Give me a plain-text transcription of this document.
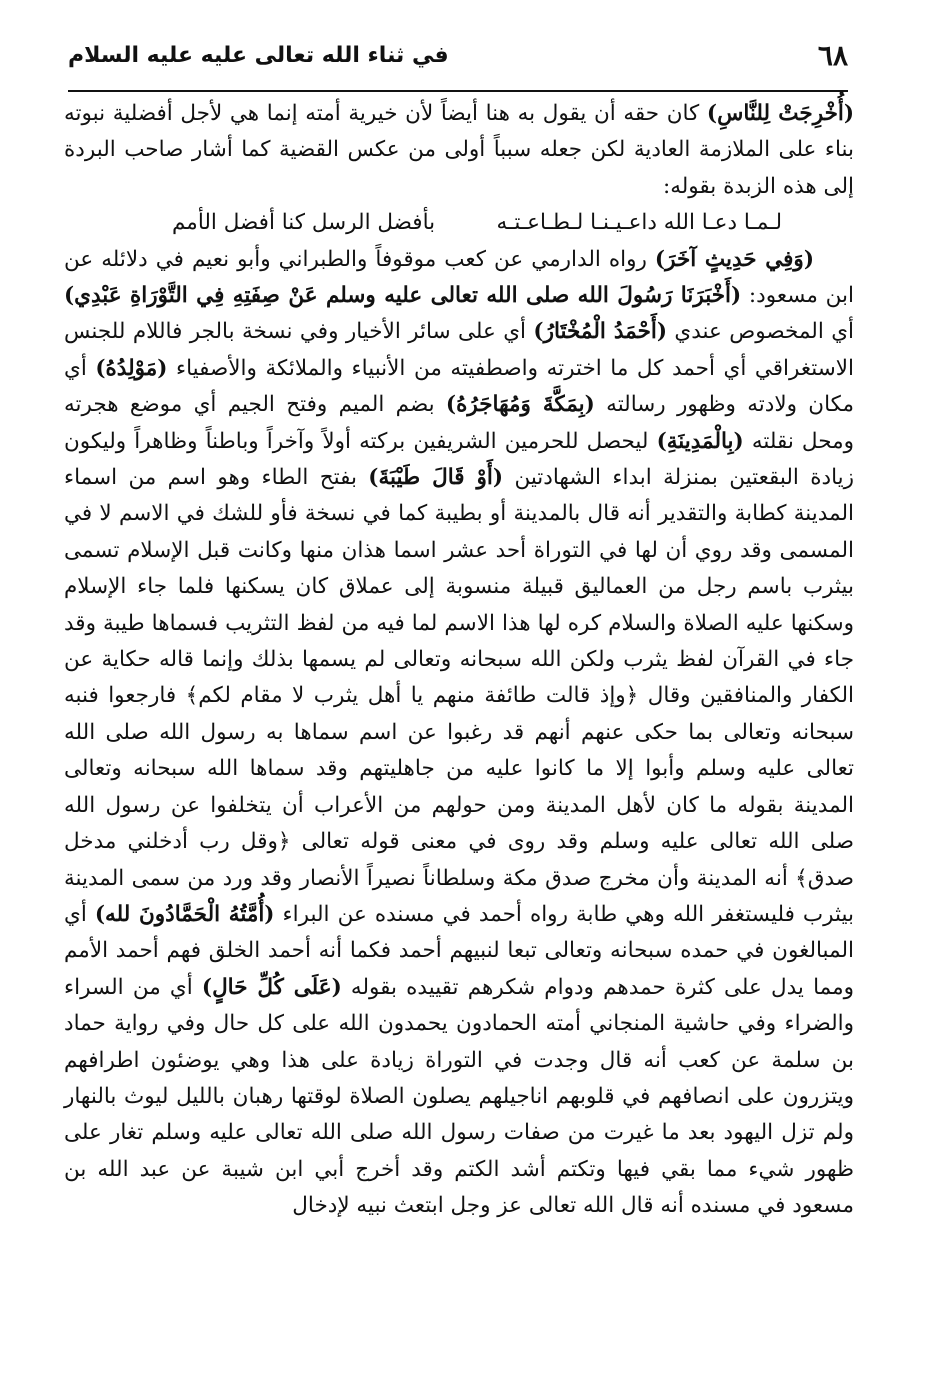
٦٨
في ثناء الله تعالى عليه عليه السلام

(أُخْرِجَتْ لِلنَّاسِ) كان حقه أن يقول به هنا أيضاً لأن خيرية أمته إنما هي لأجل أفضلية نبوته بناء على الملازمة العادية لكن جعله سبباً أولى من عكس القضية كما أشار صاحب البردة إلى هذه الزبدة بقوله:

لـمـا دعـا الله داعـيـنـا لـطـاعـتـه
بأفضل الرسل كنا أفضل الأمم

(وَفِي حَدِيثٍ آخَرَ) رواه الدارمي عن كعب موقوفاً والطبراني وأبو نعيم في دلائله عن ابن مسعود: (أَخْبَرَنَا رَسُولَ الله صلى الله تعالى عليه وسلم عَنْ صِفَتِهِ فِي التَّوْرَاةِ عَبْدِي) أي المخصوص عندي (أَحْمَدُ الْمُخْتَارُ) أي على سائر الأخيار وفي نسخة بالجر فاللام للجنس الاستغراقي أي أحمد كل ما اخترته واصطفيته من الأنبياء والملائكة والأصفياء (مَوْلِدُهُ) أي مكان ولادته وظهور رسالته (بِمَكَّةَ وَمُهَاجَرُهُ) بضم الميم وفتح الجيم أي موضع هجرته ومحل نقلته (بِالْمَدِينَةِ) ليحصل للحرمين الشريفين بركته أولاً وآخراً وباطناً وظاهراً وليكون زيادة البقعتين بمنزلة ابداء الشهادتين (أَوْ قَالَ طَيْبَةَ) بفتح الطاء وهو اسم من اسماء المدينة كطابة والتقدير أنه قال بالمدينة أو بطيبة كما في نسخة فأو للشك في الاسم لا في المسمى وقد روي أن لها في التوراة أحد عشر اسما هذان منها وكانت قبل الإسلام تسمى بيثرب باسم رجل من العماليق قبيلة منسوبة إلى عملاق كان يسكنها فلما جاء الإسلام وسكنها عليه الصلاة والسلام كره لها هذا الاسم لما فيه من لفظ التثريب فسماها طيبة وقد جاء في القرآن لفظ يثرب ولكن الله سبحانه وتعالى لم يسمها بذلك وإنما قاله حكاية عن الكفار والمنافقين وقال ﴿وإذ قالت طائفة منهم يا أهل يثرب لا مقام لكم﴾ فارجعوا فنبه سبحانه وتعالى بما حكى عنهم أنهم قد رغبوا عن اسم سماها به رسول الله صلى الله تعالى عليه وسلم وأبوا إلا ما كانوا عليه من جاهليتهم وقد سماها الله سبحانه وتعالى المدينة بقوله ما كان لأهل المدينة ومن حولهم من الأعراب أن يتخلفوا عن رسول الله صلى الله تعالى عليه وسلم وقد روى في معنى قوله تعالى ﴿وقل رب أدخلني مدخل صدق﴾ أنه المدينة وأن مخرج صدق مكة وسلطاناً نصيراً الأنصار وقد ورد من سمى المدينة بيثرب فليستغفر الله وهي طابة رواه أحمد في مسنده عن البراء (أُمَّتُهُ الْحَمَّادُونَ لله) أي المبالغون في حمده سبحانه وتعالى تبعا لنبيهم أحمد فكما أنه أحمد الخلق فهم أحمد الأمم ومما يدل على كثرة حمدهم ودوام شكرهم تقييده بقوله (عَلَى كُلِّ حَالٍ) أي من السراء والضراء وفي حاشية المنجاني أمته الحمادون يحمدون الله على كل حال وفي رواية حماد بن سلمة عن كعب أنه قال وجدت في التوراة زيادة على هذا وهي يوضئون اطرافهم ويتزرون على انصافهم في قلوبهم اناجيلهم يصلون الصلاة لوقتها رهبان بالليل ليوث بالنهار ولم تزل اليهود بعد ما غيرت من صفات رسول الله صلى الله تعالى عليه وسلم تغار على ظهور شيء مما بقي فيها وتكتم أشد الكتم وقد أخرج أبي ابن شيبة عن عبد الله بن مسعود في مسنده أنه قال الله تعالى عز وجل ابتعث نبيه لإدخال
